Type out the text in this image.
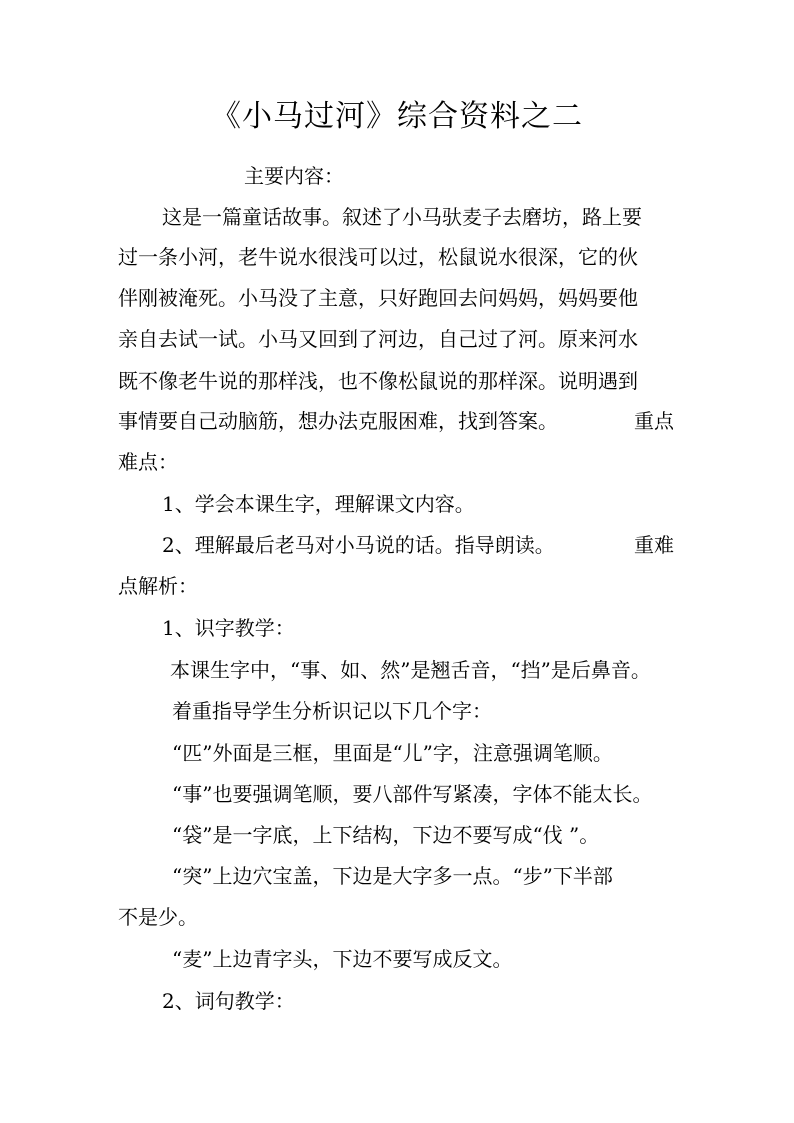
《小马过河》综合资料之二
主要内容：
这是一篇童话故事。叙述了小马驮麦子去磨坊，路上要
过一条小河，老牛说水很浅可以过，松鼠说水很深，它的伙
伴刚被淹死。小马没了主意，只好跑回去问妈妈，妈妈要他
亲自去试一试。小马又回到了河边，自己过了河。原来河水
既不像老牛说的那样浅，也不像松鼠说的那样深。说明遇到
事情要自己动脑筋，想办法克服困难，找到答案。	重点
难点：
1、学会本课生字，理解课文内容。
2、理解最后老马对小马说的话。指导朗读。	重难
点解析：
1、识字教学：
本课生字中，“事、如、然”是翘舌音，“挡”是后鼻音。
着重指导学生分析识记以下几个字：
“匹”外面是三框，里面是“儿”字，注意强调笔顺。
“事”也要强调笔顺，要八部件写紧凑，字体不能太长。
“袋”是一字底，上下结构，下边不要写成“伐 ”。
“突”上边穴宝盖，下边是大字多一点。“步”下半部
不是少。
“麦”上边青字头，下边不要写成反文。
2、词句教学：
